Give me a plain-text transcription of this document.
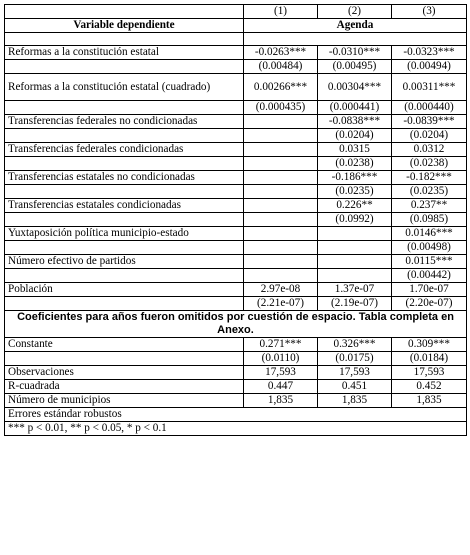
	(1)	(2)	(3)
Variable dependiente	Agenda		

Reformas a la constitución estatal	-0.0263***	-0.0310***	-0.0323***
	(0.00484)	(0.00495)	(0.00494)
Reformas a la constitución estatal (cuadrado)	0.00266***	0.00304***	0.00311***
	(0.000435)	(0.000441)	(0.000440)
Transferencias federales no condicionadas		-0.0838***	-0.0839***
		(0.0204)	(0.0204)
Transferencias federales condicionadas		0.0315	0.0312
		(0.0238)	(0.0238)
Transferencias estatales no condicionadas		-0.186***	-0.182***
		(0.0235)	(0.0235)
Transferencias estatales condicionadas		0.226**	0.237**
		(0.0992)	(0.0985)
Yuxtaposición política municipio-estado			0.0146***
			(0.00498)
Número efectivo de partidos			0.0115***
			(0.00442)
Población	2.97e-08	1.37e-07	1.70e-07
	(2.21e-07)	(2.19e-07)	(2.20e-07)
Coeficientes para años fueron omitidos por cuestión de espacio. Tabla completa en Anexo.			
Constante	0.271***	0.326***	0.309***
	(0.0110)	(0.0175)	(0.0184)
Observaciones	17,593	17,593	17,593
R-cuadrada	0.447	0.451	0.452
Número de municipios	1,835	1,835	1,835
Errores estándar robustos			
*** p < 0.01, ** p < 0.05, * p < 0.1			
